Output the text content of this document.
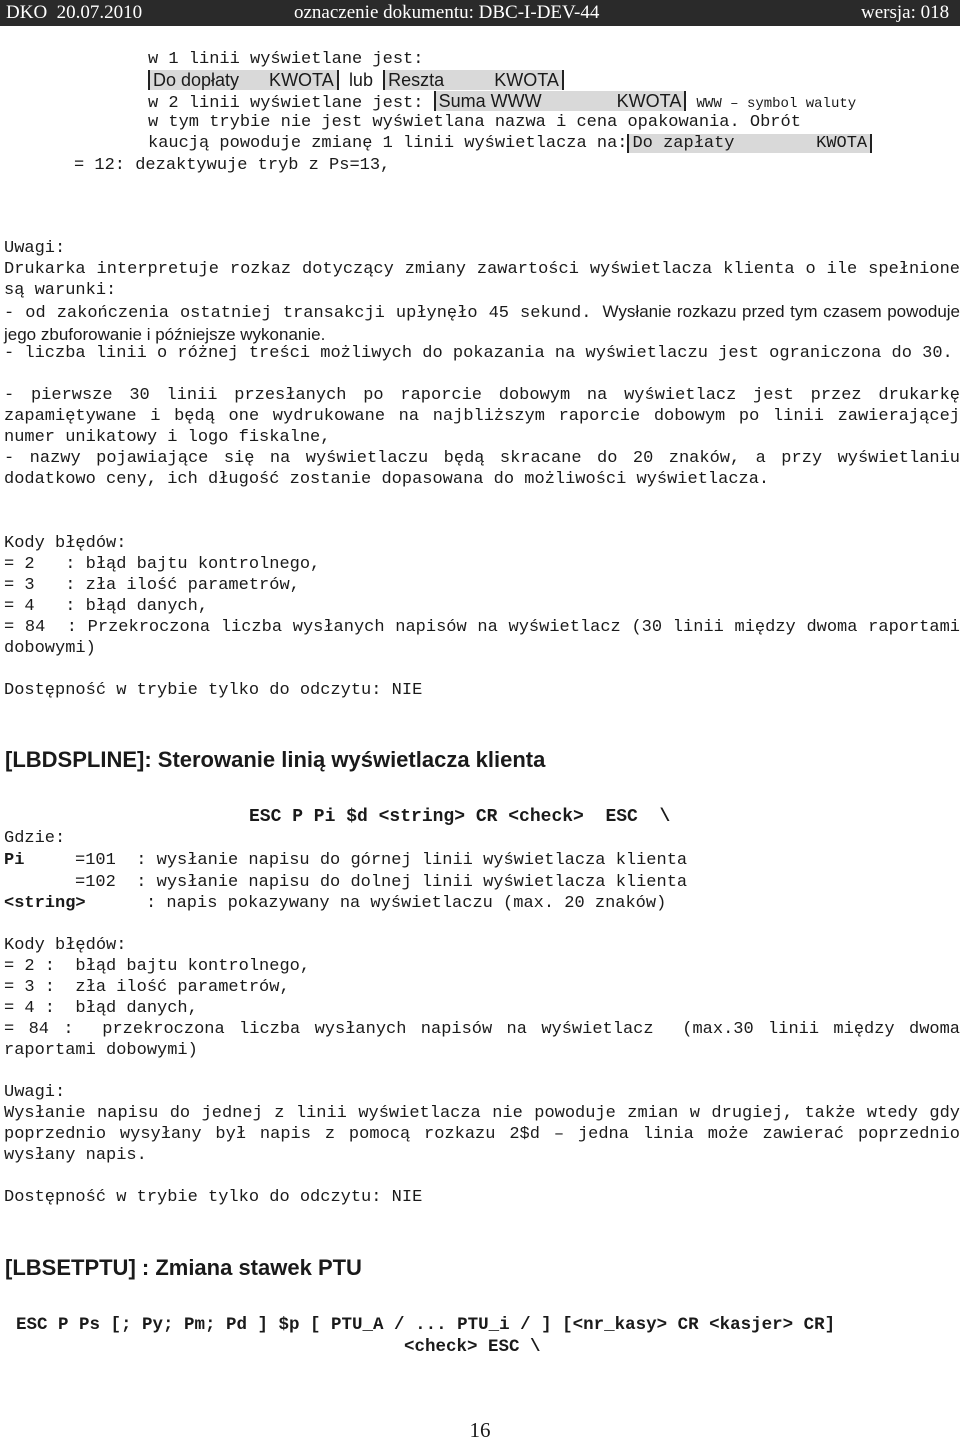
DKO  20.07.2010	oznaczenie dokumentu: DBC-I-DEV-44	wersja: 018
w 1 linii wyświetlane jest:
Do dopłaty      KWOTA lub Reszta          KWOTA
w 2 linii wyświetlane jest: Suma WWW               KWOTA WWW – symbol waluty
w tym trybie nie jest wyświetlana nazwa i cena opakowania. Obrót
kaucją powoduje zmianę 1 linii wyświetlacza na: Do zapłaty        KWOTA
= 12: dezaktywuje tryb z Ps=13,
Uwagi:
Drukarka interpretuje rozkaz dotyczący zmiany zawartości wyświetlacza klienta o ile spełnione są warunki:
- od zakończenia ostatniej transakcji upłynęło 45 sekund. Wysłanie rozkazu przed tym czasem powoduje jego zbuforowanie i późniejsze wykonanie.
- liczba linii o różnej treści możliwych do pokazania na wyświetlaczu jest ograniczona do 30.
- pierwsze 30 linii przesłanych po raporcie dobowym na wyświetlacz jest przez drukarkę zapamiętywane i będą one wydrukowane na najbliższym raporcie dobowym po linii zawierającej numer unikatowy i logo fiskalne,
- nazwy pojawiające się na wyświetlaczu będą skracane do 20 znaków, a przy wyświetlaniu dodatkowo ceny, ich długość zostanie dopasowana do możliwości wyświetlacza.
Kody błędów:
= 2   : błąd bajtu kontrolnego,
= 3   : zła ilość parametrów,
= 4   : błąd danych,
= 84  : Przekroczona liczba wysłanych napisów na wyświetlacz (30 linii między dwoma raportami dobowymi)
Dostępność w trybie tylko do odczytu: NIE
[LBDSPLINE]: Sterowanie linią wyświetlacza klienta
ESC P Pi $d <string> CR <check>  ESC  \
Gdzie:
Pi	=101  : wysłanie napisu do górnej linii wyświetlacza klienta
=102  : wysłanie napisu do dolnej linii wyświetlacza klienta
<string>	: napis pokazywany na wyświetlaczu (max. 20 znaków)
Kody błędów:
= 2 :  błąd bajtu kontrolnego,
= 3 :  zła ilość parametrów,
= 4 :  błąd danych,
= 84 :  przekroczona liczba wysłanych napisów na wyświetlacz  (max.30 linii między dwoma raportami dobowymi)
Uwagi:
Wysłanie napisu do jednej z linii wyświetlacza nie powoduje zmian w drugiej, także wtedy gdy poprzednio wysyłany był napis z pomocą rozkazu 2$d – jedna linia może zawierać poprzednio wysłany napis.
Dostępność w trybie tylko do odczytu: NIE
[LBSETPTU] : Zmiana stawek PTU
ESC P Ps [; Py; Pm; Pd ] $p [ PTU_A / ... PTU_i / ] [<nr_kasy> CR <kasjer> CR]
<check> ESC \
16
